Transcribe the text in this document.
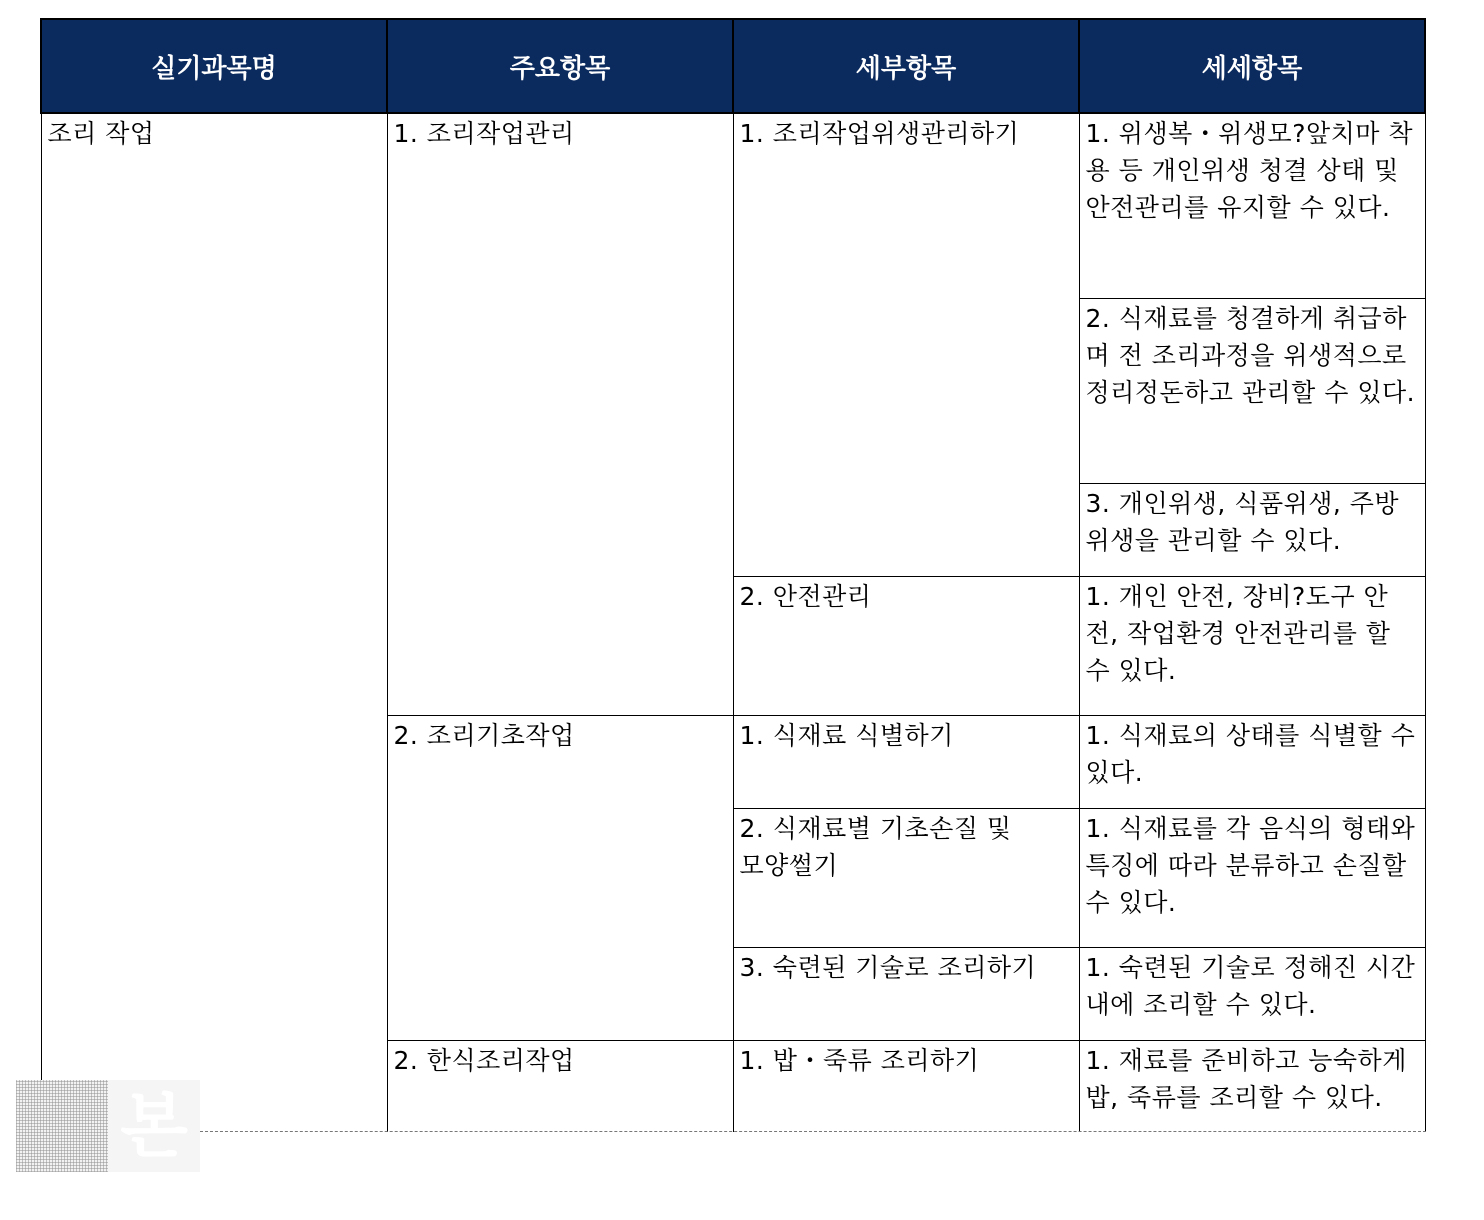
실기과목명	주요항목	세부항목	세세항목
조리 작업	1. 조리작업관리	1. 조리작업위생관리하기	1. 위생복・위생모?앞치마 착용 등 개인위생 청결 상태 및 안전관리를 유지할 수 있다.
			2. 식재료를 청결하게 취급하며 전 조리과정을 위생적으로 정리정돈하고 관리할 수 있다.
			3. 개인위생, 식품위생, 주방위생을 관리할 수 있다.
		2. 안전관리	1. 개인 안전, 장비?도구 안전, 작업환경 안전관리를 할 수 있다.
	2. 조리기초작업	1. 식재료 식별하기	1. 식재료의 상태를 식별할 수 있다.
		2. 식재료별 기초손질 및 모양썰기	1. 식재료를 각 음식의 형태와 특징에 따라 분류하고 손질할 수 있다.
		3. 숙련된 기술로 조리하기	1. 숙련된 기술로 정해진 시간 내에 조리할 수 있다.
	2. 한식조리작업	1. 밥・죽류 조리하기	1. 재료를 준비하고 능숙하게 밥, 죽류를 조리할 수 있다.
본
